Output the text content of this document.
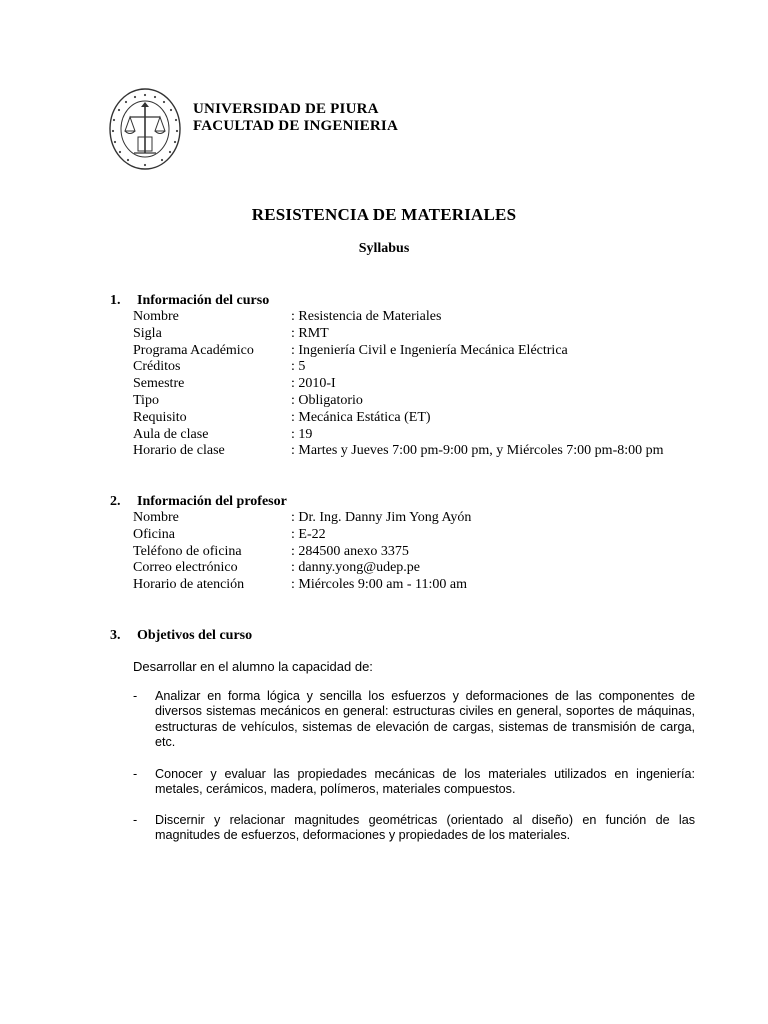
UNIVERSIDAD DE PIURA
FACULTAD DE INGENIERIA
RESISTENCIA DE MATERIALES
Syllabus
1. Información del curso
Nombre	: Resistencia de Materiales
Sigla	: RMT
Programa Académico	: Ingeniería Civil e Ingeniería Mecánica Eléctrica
Créditos	: 5
Semestre	: 2010-I
Tipo	: Obligatorio
Requisito	: Mecánica Estática (ET)
Aula de clase	: 19
Horario de clase	: Martes y Jueves 7:00 pm-9:00 pm, y Miércoles 7:00 pm-8:00 pm
2. Información del profesor
Nombre	: Dr. Ing. Danny Jim Yong Ayón
Oficina	: E-22
Teléfono de oficina	: 284500 anexo 3375
Correo electrónico	: danny.yong@udep.pe
Horario de atención	: Miércoles 9:00 am - 11:00 am
3. Objetivos del curso
Desarrollar en el alumno la capacidad de:
- Analizar en forma lógica y sencilla los esfuerzos y deformaciones de las componentes de diversos sistemas mecánicos en general: estructuras civiles en general, soportes de máquinas, estructuras de vehículos, sistemas de elevación de cargas, sistemas de transmisión de carga, etc.
- Conocer y evaluar las propiedades mecánicas de los materiales utilizados en ingeniería: metales, cerámicos, madera, polímeros, materiales compuestos.
- Discernir y relacionar magnitudes geométricas (orientado al diseño) en función de las magnitudes de esfuerzos, deformaciones y propiedades de los materiales.
